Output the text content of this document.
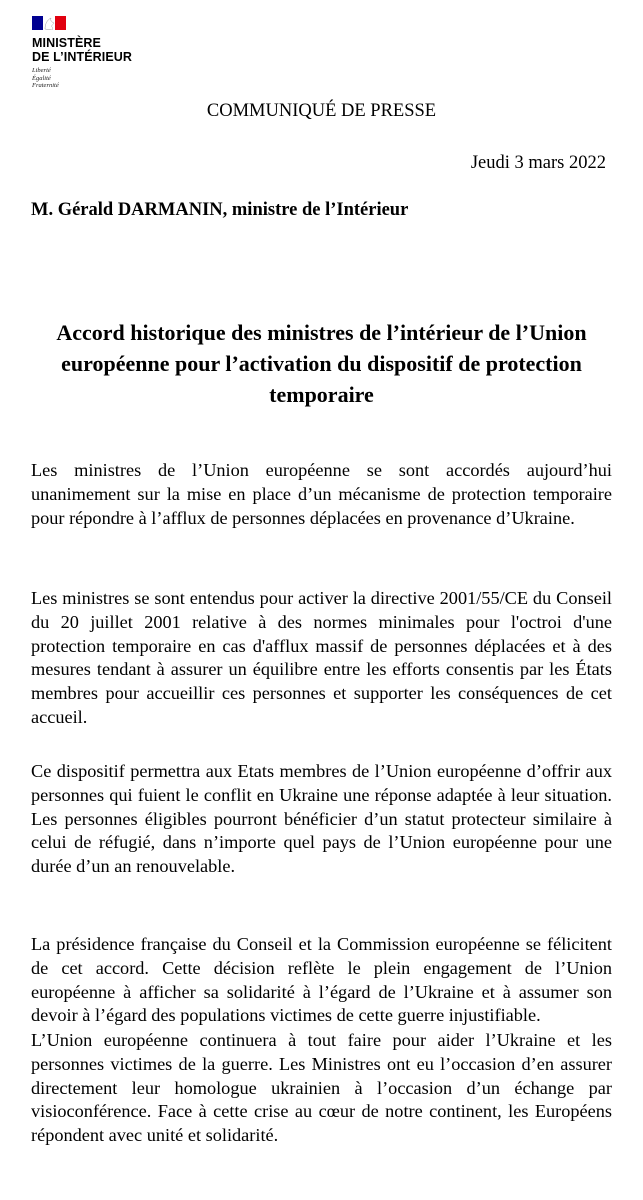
MINISTÈRE
DE L’INTÉRIEUR
Liberté
Égalité
Fraternité
COMMUNIQUÉ DE PRESSE
Jeudi 3 mars 2022
M. Gérald DARMANIN, ministre de l’Intérieur
Accord historique des ministres de l’intérieur de l’Union européenne pour l’activation du dispositif de protection temporaire

Les ministres de l’Union européenne se sont accordés aujourd’hui unanimement sur la mise en place d’un mécanisme de protection temporaire pour répondre à l’afflux de personnes déplacées en provenance d’Ukraine.

Les ministres se sont entendus pour activer la directive 2001/55/CE du Conseil du 20 juillet 2001 relative à des normes minimales pour l'octroi d'une protection temporaire en cas d'afflux massif de personnes déplacées et à des mesures tendant à assurer un équilibre entre les efforts consentis par les États membres pour accueillir ces personnes et supporter les conséquences de cet accueil.

Ce dispositif permettra aux Etats membres de l’Union européenne d’offrir aux personnes qui fuient le conflit en Ukraine une réponse adaptée à leur situation. Les personnes éligibles pourront bénéficier d’un statut protecteur similaire à celui de réfugié, dans n’importe quel pays de l’Union européenne pour une durée d’un an renouvelable.

La présidence française du Conseil et la Commission européenne se félicitent de cet accord. Cette décision reflète le plein engagement de l’Union européenne à afficher sa solidarité à l’égard de l’Ukraine et à assumer son devoir à l’égard des populations victimes de cette guerre injustifiable.

L’Union européenne continuera à tout faire pour aider l’Ukraine et les personnes victimes de la guerre. Les Ministres ont eu l’occasion d’en assurer directement leur homologue ukrainien à l’occasion d’un échange par visioconférence. Face à cette crise au cœur de notre continent, les Européens répondent avec unité et solidarité.
